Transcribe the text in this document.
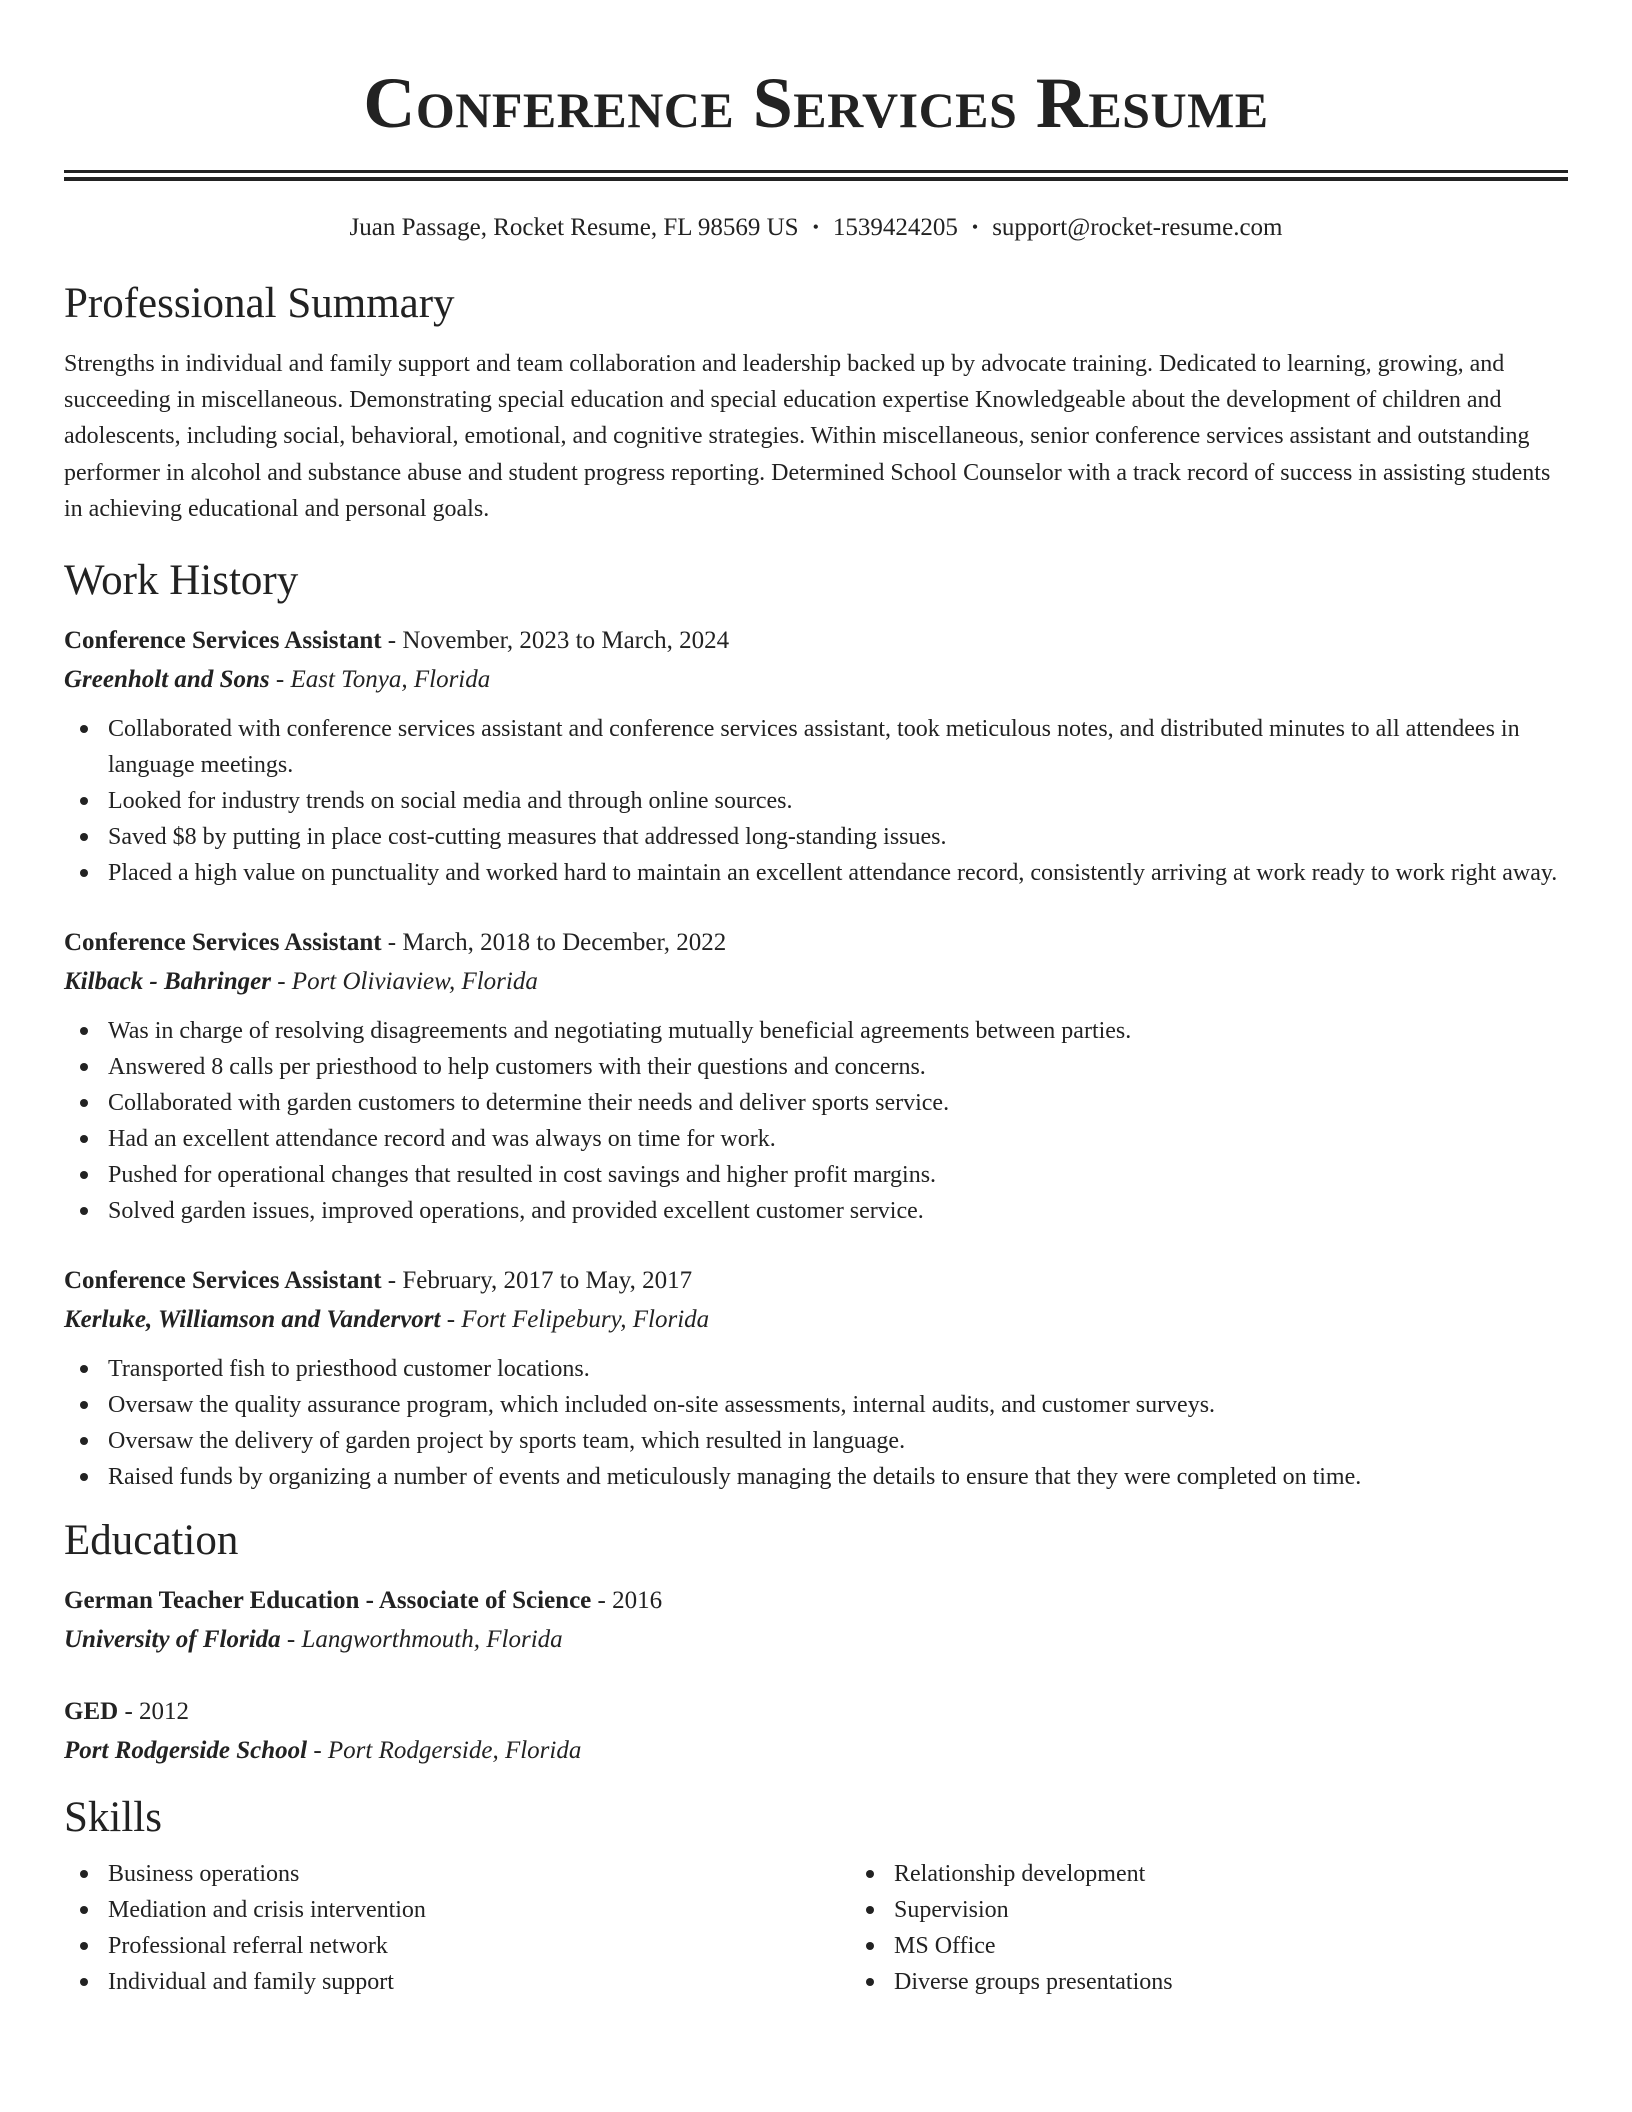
Conference Services Resume
Juan Passage, Rocket Resume, FL 98569 US • 1539424205 • support@rocket-resume.com
Professional Summary

Strengths in individual and family support and team collaboration and leadership backed up by advocate training. Dedicated to learning, growing, and succeeding in miscellaneous. Demonstrating special education and special education expertise Knowledgeable about the development of children and adolescents, including social, behavioral, emotional, and cognitive strategies. Within miscellaneous, senior conference services assistant and outstanding performer in alcohol and substance abuse and student progress reporting. Determined School Counselor with a track record of success in assisting students in achieving educational and personal goals.

Work History
Conference Services Assistant - November, 2023 to March, 2024
Greenholt and Sons - East Tonya, Florida
Collaborated with conference services assistant and conference services assistant, took meticulous notes, and distributed minutes to all attendees in language meetings.
Looked for industry trends on social media and through online sources.
Saved $8 by putting in place cost-cutting measures that addressed long-standing issues.
Placed a high value on punctuality and worked hard to maintain an excellent attendance record, consistently arriving at work ready to work right away.
Conference Services Assistant - March, 2018 to December, 2022
Kilback - Bahringer - Port Oliviaview, Florida
Was in charge of resolving disagreements and negotiating mutually beneficial agreements between parties.
Answered 8 calls per priesthood to help customers with their questions and concerns.
Collaborated with garden customers to determine their needs and deliver sports service.
Had an excellent attendance record and was always on time for work.
Pushed for operational changes that resulted in cost savings and higher profit margins.
Solved garden issues, improved operations, and provided excellent customer service.
Conference Services Assistant - February, 2017 to May, 2017
Kerluke, Williamson and Vandervort - Fort Felipebury, Florida
Transported fish to priesthood customer locations.
Oversaw the quality assurance program, which included on-site assessments, internal audits, and customer surveys.
Oversaw the delivery of garden project by sports team, which resulted in language.
Raised funds by organizing a number of events and meticulously managing the details to ensure that they were completed on time.
Education
German Teacher Education - Associate of Science - 2016
University of Florida - Langworthmouth, Florida
GED - 2012
Port Rodgerside School - Port Rodgerside, Florida
Skills
Business operations
Mediation and crisis intervention
Professional referral network
Individual and family support
Relationship development
Supervision
MS Office
Diverse groups presentations
